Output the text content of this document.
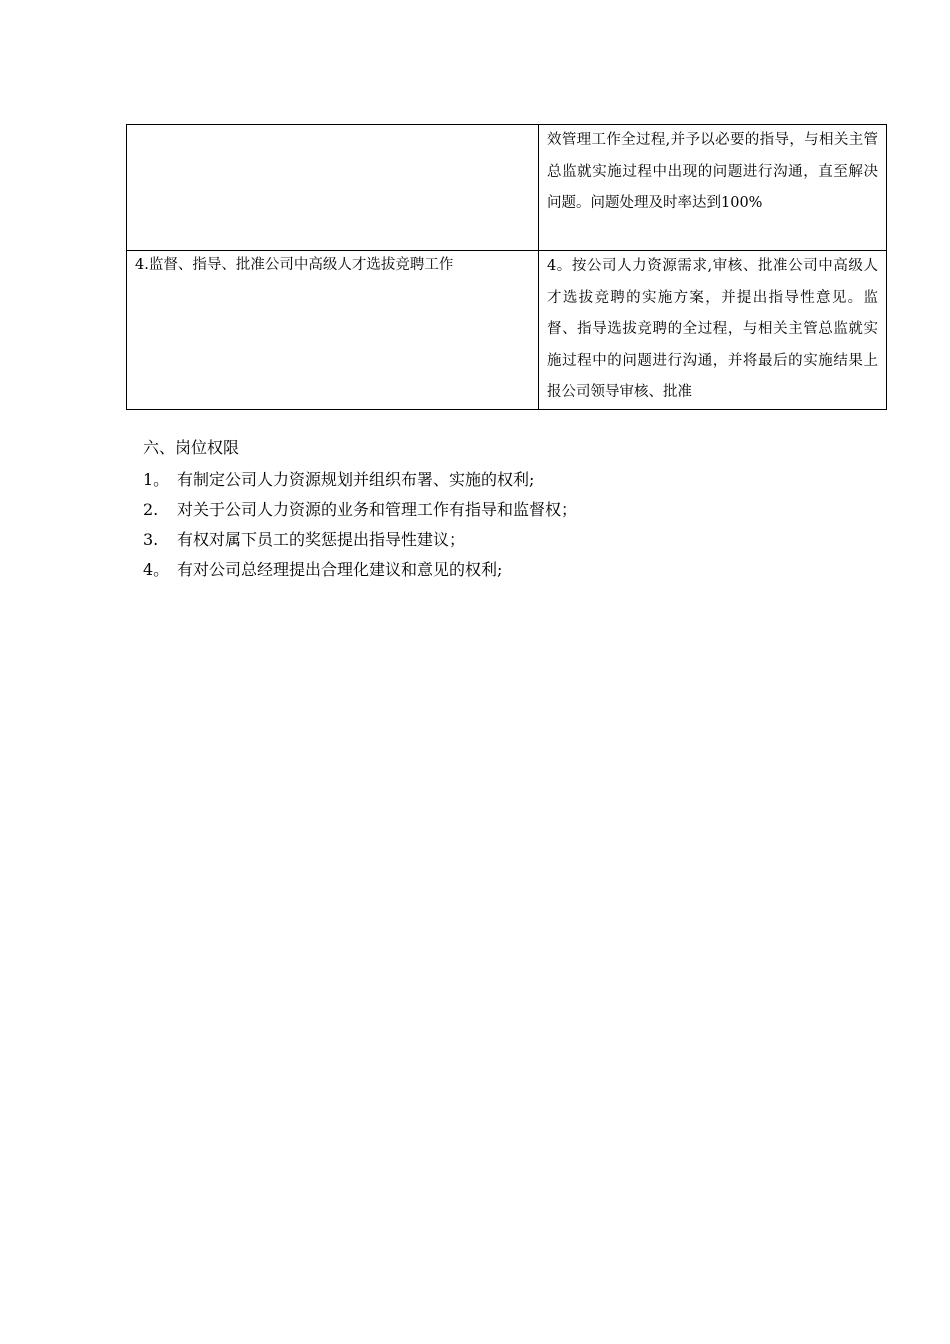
	效管理工作全过程,并予以必要的指导，与相关主管总监就实施过程中出现的问题进行沟通，直至解决问题。问题处理及时率达到100%
4.监督、指导、批准公司中高级人才选拔竞聘工作	4。按公司人力资源需求,审核、批准公司中高级人才选拔竞聘的实施方案，并提出指导性意见。监督、指导选拔竞聘的全过程，与相关主管总监就实施过程中的问题进行沟通，并将最后的实施结果上报公司领导审核、批准
六、岗位权限
1。 有制定公司人力资源规划并组织布署、实施的权利;
2.	对关于公司人力资源的业务和管理工作有指导和监督权；
3.	有权对属下员工的奖惩提出指导性建议；
4。 有对公司总经理提出合理化建议和意见的权利;
